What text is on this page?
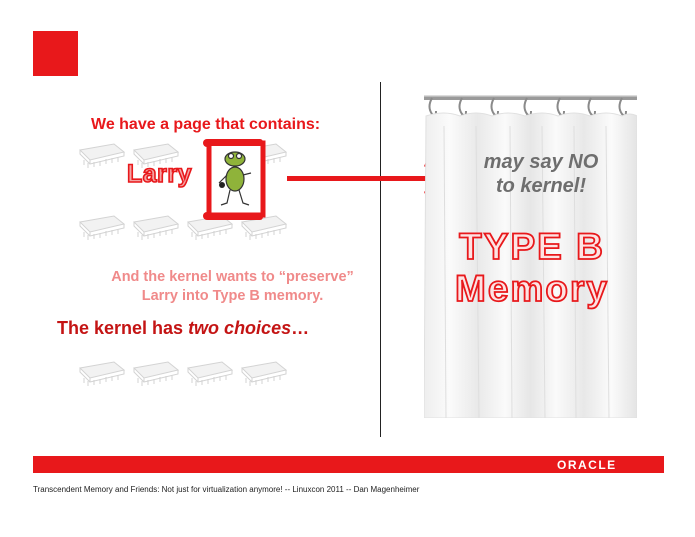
We have a page that contains:
Larry	may say NO
to kernel!
TYPE B
Memory
And the kernel wants to “preserve”
Larry into Type B memory.
The kernel has two choices…
ORACLE
Transcendent Memory and Friends: Not just for virtualization anymore! -- Linuxcon 2011 -- Dan Magenheimer
